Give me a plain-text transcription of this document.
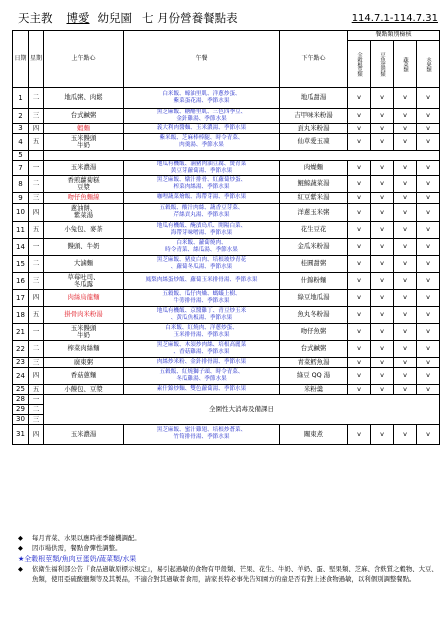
天主教 博愛 幼兒園 七 月份營養餐點表	114.7.1-114.7.31
日期	星期	上午點心	午餐	下午點心	餐點類別檢核			

					全穀根莖類	豆魚蛋肉類	蔬菜類	水果類

1	二	地瓜粥、肉鬆	白米飯、蠔油里肌、洋蔥炒蛋、
紫菜蛋花湯、季節水果	地瓜甜湯	v	v	v	v
2	三	台式鹹粥	黑芝麻飯、糖醋里肌、三色四季豆、
金針雞湯、季節水果	吉甲味米粉湯	v	v	v	v
3	四	蝦麵	義大利肉醬麵、玉米濃湯、季節水果	貢丸米粉湯	v	v	v	v
4	五	玉米饅頭
牛奶	紫米飯、芝麻棒棒腿、時令青菜、
肉羹湯、季節水果	仙草愛玉凍	v	v	v	v
5								
7	一	玉米濃湯	地瓜有機飯、滷豬肉油豆腐、燙青菜
黃豆芽蘿蔔湯、季節水果	肉燥麵	v	v	v	v
8	二	香煎蘿蔔糕
豆漿	黑芝麻飯、燉汁排骨、紅蘿蔔炒蛋、
榨菜肉絲湯、季節水果	鯤鯨蔬菜湯	v	v	v	v
9	三	吻仔魚麵線	咖哩蔬菜燴飯、海帶芽湯、季節水果	紅豆紫米湯	v	v	v	v
10	四	蔥油餅、
紫菜湯	五穀飯、酸汁肉絲、蔬香豆芽菜、
芹絲貢丸湯、季節水果	洋蔥玉米粥	v	v	v	v
11	五	小兔包、麥茶	地瓜有機飯、醃漬鳥爪、開陽白菜、
海帶芽味噌湯、季節水果	花生豆花	v	v	v	v
14	一	饅頭、牛奶	白米飯、蘿蔔燒肉、
時令青菜、絲瓜湯、季節水果	金瓜米粉湯	v	v	v	v
15	二	大滷麵	黑芝麻飯、豬皮白肉、培根玻炒青花
、蘿蔔冬瓜湯、季節水果	桂圓甜粥	v	v	v	v
16	三	草莓吐司、
冬瓜露	鳳梨肉絲蛋炒飯、蘿蔔玉米排骨湯、季節水果	什錦粉麵	v	v	v	v
17	四	肉絲烏龍麵	五穀飯、瓜仔肉燥、螞蟻上樹、
牛蒡排骨湯、季節水果	綠豆地瓜湯	v	v	v	v
18	五	掛骨肉米粉湯	地瓜有機飯、京醬雞丁、青豆炒玉米
、黃瓜魚板湯、季節水果	魚丸冬粉湯	v	v	v	v
21	一	玉米饅頭
牛奶	白米飯、紅燒肉、洋蔥炒蛋、
玉米排骨湯、季節水果	吻仔魚粥	v	v	v	v
22	二	榨菜肉絲麵	黑芝麻飯、木須炒肉絲、培根高麗菜
、香菇雞湯、季節水果	台式鹹粥	v	v	v	v
23	三	廣東粥	肉絲炒米粉、金針排骨湯、季節水果	青菜鱈魚湯	v	v	v	v
24	四	香菇蔥麵	五穀飯、紅燒獅子頭、時令青菜、
冬瓜雞湯、季節水果	綠豆 QQ 湯	v	v	v	v
25	五	小饅包、豆漿	素什錦炒麵、雙色蘿蔔湯、季節水果	米粉羹	v	v	v	v
28	一	全園性大消毒及備課日						
29	二							
30	三							
31	四	玉米濃湯	黑芝麻飯、蜜汁雞翅、培根炒蒼菜、
竹筍排骨湯、季節水果	關東煮	v	v	v	v
◆	每月青菜、水果以應時產季隨機調配。
◆	因市場供需，餐點會彈性調整。
★全穀根莖類/魚肉豆蛋奶/蔬菜類/水果
◆	依衛生福利部公告『食品過敏原標示規定』，易引起過敏的食物有甲殼類、芒果、花生、牛奶、羊奶、蛋、堅果類、芝麻、含麩質之穀物、大豆、魚類，使用亞硫酸鹽類等及其製品，不適合對其過敏者食用，請家長特必事先告知園方的童是否有對上述食物過敏，以利個別調整餐點。
